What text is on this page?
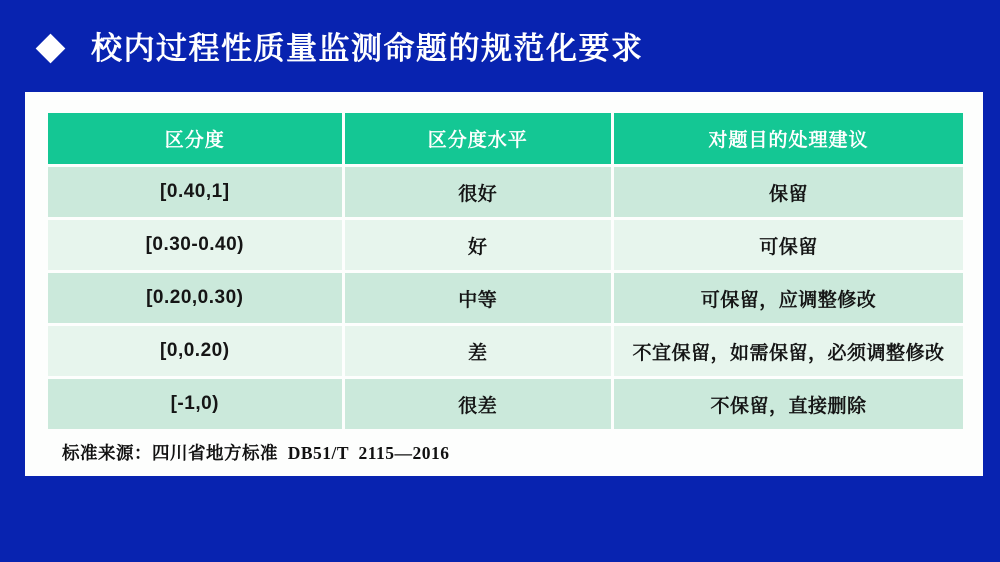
校内过程性质量监测命题的规范化要求
区分度	区分度水平	对题目的处理建议
[0.40,1]	很好	保留
[0.30-0.40)	好	可保留
[0.20,0.30)	中等	可保留，应调整修改
[0,0.20)	差	不宜保留，如需保留，必须调整修改
[-1,0)	很差	不保留，直接删除
标准来源：四川省地方标准  DB51/T  2115—2016
